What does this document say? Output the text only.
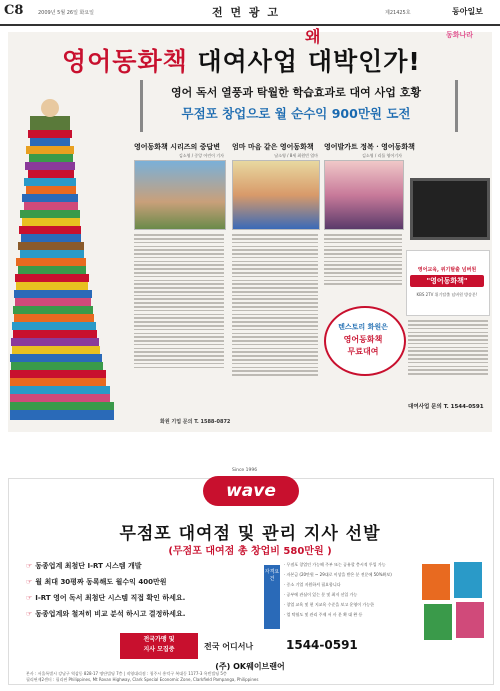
C8	2009년 5월 26일 화요일	전 면 광 고	제21425호	동아일보
동화나라
영어동화책 대여사업 대박인가!
왜
영어 독서 열풍과 탁월한 학습효과로 대여 사업 호황
무점포 창업으로 월 순수익 900만원 도전
영어동화책 시리즈의 중답변
김소영 / 중앙 어린이 기자
화원 기업 문의 T. 1588-0872
엄마 마음 같은 영어동화책
남소영 / 8세 최원빈 엄마
영어발가트 정복 · 영어동화책
김소영 / 리틀 영어기자
영어교육, 위기탈출 넘버원
"영어동화책"
KBS 2TV 위기탈출 넘버원 방송분!
텐스토리 화원은
영어동화책
무료대여
대여사업 문의 T. 1544-0591
Since 1996
wave
무점포 대여점 및 관리 지사 선발
(무점포 대여점 총 창업비 580만원 )
☞ 동종업계 최첨단 I-RT 시스템 개발
☞ 월 최대 30평짜 동록해도 월수익 400만원
☞ I-RT 영어 독서 최첨단 시스템 직접 확인 하세요.
☞ 동종업계와 철저히 비교 분석 하시고 결정하세요.
자격요건
· 무점포 창업인 가능해 주부 또는 공유할 충시적 투입 가능
· 자본금 (20만원 ~ 29대로 이상을 받은 분 전문에 50%확보)
· 중소 기업 지원하셔 필요합니다
· 공부에 관심이 있는 분 및 최저 선입 가능
· 창업 교육 및 현 지교육 수준을 보고 운영이 가능한
· 업 탁월도 및 관리 주제 서 사 분 확 대 완 등
전국가맹 및
지사 모집중	전국 어디서나	1544-0591
(주) OK웨이브랜어
본사 : 서울특별시 강남구 역삼동 828-17 명단빌딩 7층 | 직영대리점 : 청주시 흥덕구 복대동 1177-3 욕빈빌딩 5층
필리핀제2센터 : 필리핀 Philippines, Mt Rovan Highway, Clark Special Economic Zone, Clarkfield Pampanga, Philippines
